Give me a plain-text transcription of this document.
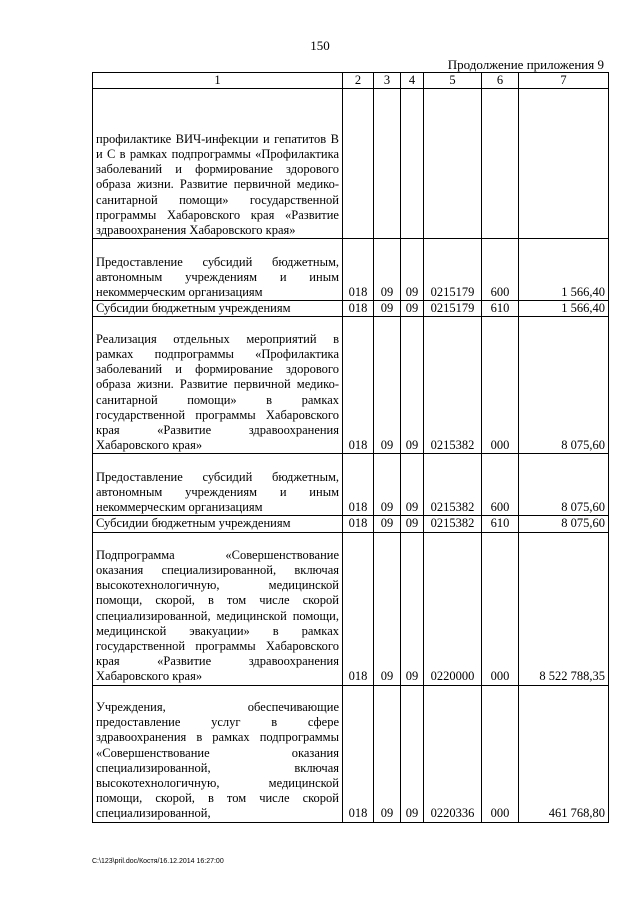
150
Продолжение приложения 9
1	2	3	4	5	6	7
профилактике ВИЧ-инфекции и гепатитов В и С в рамках подпрограммы «Профилактика заболеваний и формирование здорового образа жизни. Развитие первичной медико-санитарной помощи» государственной программы Хабаровского края «Развитие здравоохранения Хабаровского края»						
Предоставление субсидий бюджетным, автономным учреждениям и иным некоммерческим организациям	018	09	09	0215179	600	1 566,40
Субсидии бюджетным учреждениям	018	09	09	0215179	610	1 566,40
Реализация отдельных мероприятий в рамках подпрограммы «Профилактика заболеваний и формирование здорового образа жизни. Развитие первичной медико-санитарной помощи» в рамках государственной программы Хабаровского края «Развитие здравоохранения Хабаровского края»	018	09	09	0215382	000	8 075,60
Предоставление субсидий бюджетным, автономным учреждениям и иным некоммерческим организациям	018	09	09	0215382	600	8 075,60
Субсидии бюджетным учреждениям	018	09	09	0215382	610	8 075,60
Подпрограмма «Совершенствование оказания специализированной, включая высокотехнологичную, медицинской помощи, скорой, в том числе скорой специализированной, медицинской помощи, медицинской эвакуации» в рамках государственной программы Хабаровского края «Развитие здравоохранения Хабаровского края»	018	09	09	0220000	000	8 522 788,35
Учреждения, обеспечивающие предоставление услуг в сфере здравоохранения в рамках подпрограммы «Совершенствование оказания специализированной, включая высокотехнологичную, медицинской помощи, скорой, в том числе скорой специализированной,	018	09	09	0220336	000	461 768,80
C:\123\pril.doc/Костя/16.12.2014 16:27:00
